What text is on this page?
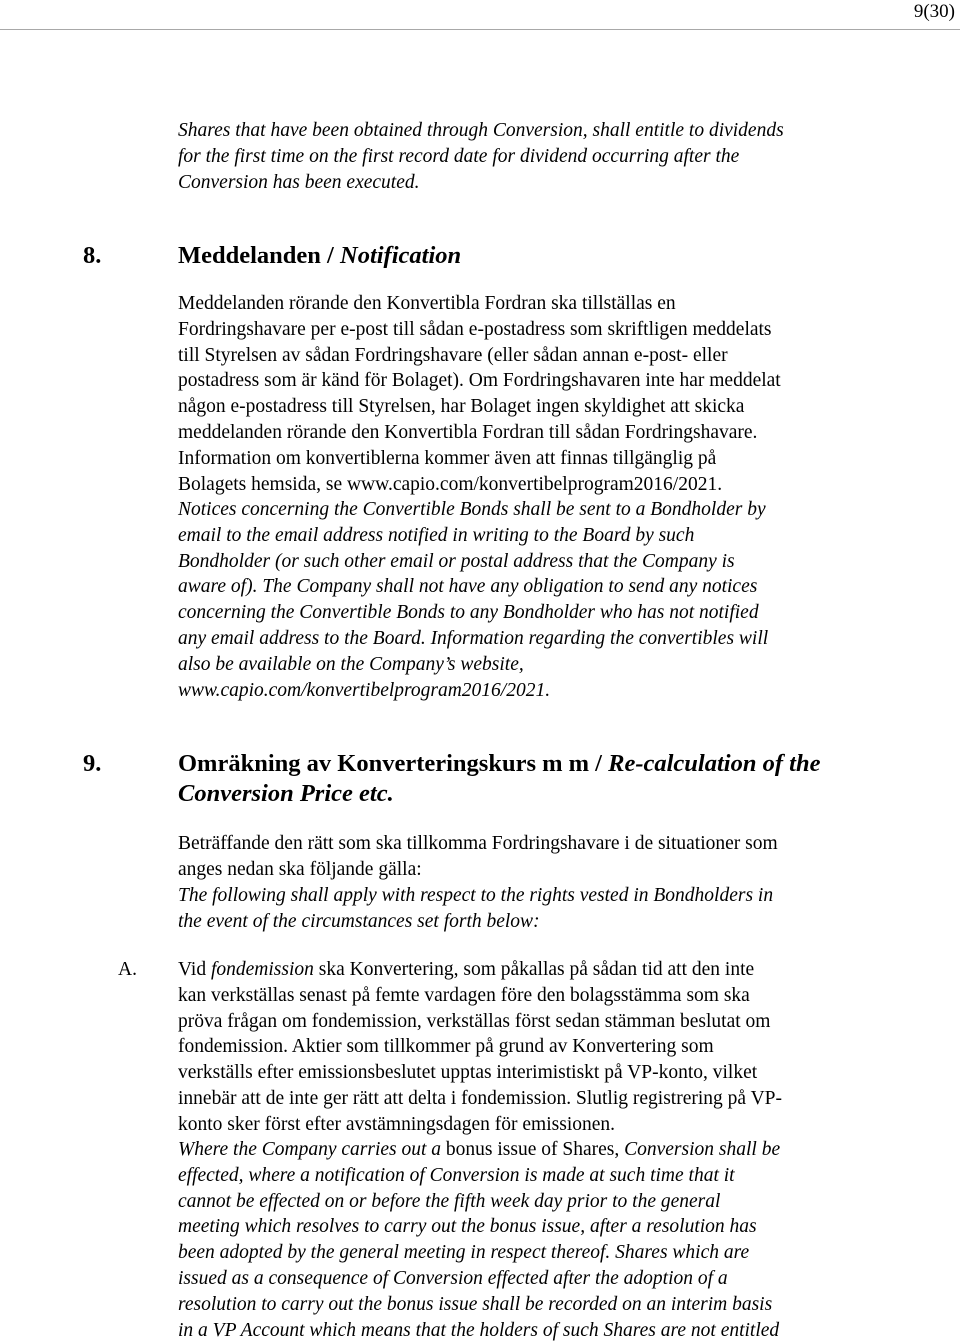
9(30)
Shares that have been obtained through Conversion, shall entitle to dividends
for the first time on the first record date for dividend occurring after the
Conversion has been executed.
8.	Meddelanden / Notification
Meddelanden rörande den Konvertibla Fordran ska tillställas en
Fordringshavare per e-post till sådan e-postadress som skriftligen meddelats
till Styrelsen av sådan Fordringshavare (eller sådan annan e-post- eller
postadress som är känd för Bolaget). Om Fordringshavaren inte har meddelat
någon e-postadress till Styrelsen, har Bolaget ingen skyldighet att skicka
meddelanden rörande den Konvertibla Fordran till sådan Fordringshavare.
Information om konvertiblerna kommer även att finnas tillgänglig på
Bolagets hemsida, se www.capio.com/konvertibelprogram2016/2021.
Notices concerning the Convertible Bonds shall be sent to a Bondholder by
email to the email address notified in writing to the Board by such
Bondholder (or such other email or postal address that the Company is
aware of). The Company shall not have any obligation to send any notices
concerning the Convertible Bonds to any Bondholder who has not notified
any email address to the Board. Information regarding the convertibles will
also be available on the Company’s website,
www.capio.com/konvertibelprogram2016/2021.
9.	Omräkning av Konverteringskurs m m / Re-calculation of the
Conversion Price etc.
Beträffande den rätt som ska tillkomma Fordringshavare i de situationer som
anges nedan ska följande gälla:
The following shall apply with respect to the rights vested in Bondholders in
the event of the circumstances set forth below:
A. Vid fondemission ska Konvertering, som påkallas på sådan tid att den inte
kan verkställas senast på femte vardagen före den bolagsstämma som ska
pröva frågan om fondemission, verkställas först sedan stämman beslutat om
fondemission. Aktier som tillkommer på grund av Konvertering som
verkställs efter emissionsbeslutet upptas interimistiskt på VP-konto, vilket
innebär att de inte ger rätt att delta i fondemission. Slutlig registrering på VP-
konto sker först efter avstämningsdagen för emissionen.
Where the Company carries out a bonus issue of Shares, Conversion shall be
effected, where a notification of Conversion is made at such time that it
cannot be effected on or before the fifth week day prior to the general
meeting which resolves to carry out the bonus issue, after a resolution has
been adopted by the general meeting in respect thereof. Shares which are
issued as a consequence of Conversion effected after the adoption of a
resolution to carry out the bonus issue shall be recorded on an interim basis
in a VP Account which means that the holders of such Shares are not entitled
